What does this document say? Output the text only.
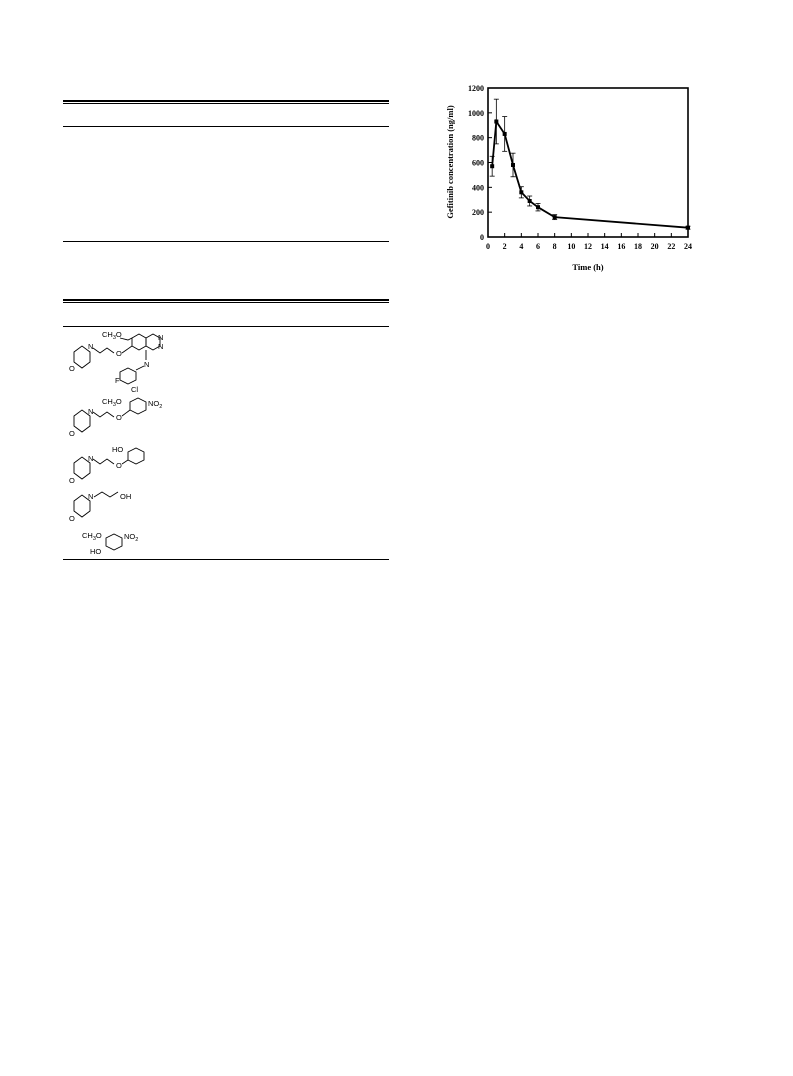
$CH_3O$	N
N
O
N
O	N
F
Cl
$CH_3O$	$NO_2$
O
N
O
HO
O
N
O
N	OH
O
$CH_3O$	$NO_2$
HO
0
200
400
600
800
1000
1200
0 2 4 6 8 10 12 14 16 18 20 22 24
Gefitinib concentration (ng/ml)
Time (h)
